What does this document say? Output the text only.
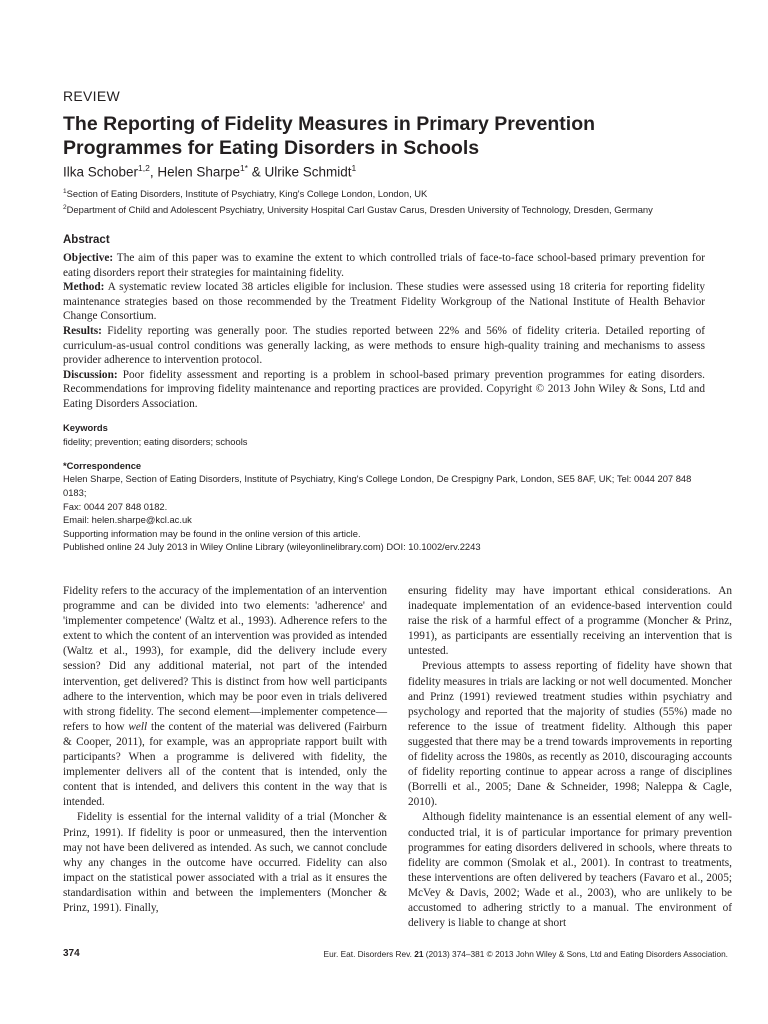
REVIEW
The Reporting of Fidelity Measures in Primary Prevention Programmes for Eating Disorders in Schools
Ilka Schober$^{1,2}$, Helen Sharpe$^{1*}$ & Ulrike Schmidt$^1$
$^1$Section of Eating Disorders, Institute of Psychiatry, King's College London, London, UK
$^2$Department of Child and Adolescent Psychiatry, University Hospital Carl Gustav Carus, Dresden University of Technology, Dresden, Germany
Abstract

Objective: The aim of this paper was to examine the extent to which controlled trials of face-to-face school-based primary prevention for eating disorders report their strategies for maintaining fidelity.

Method: A systematic review located 38 articles eligible for inclusion. These studies were assessed using 18 criteria for reporting fidelity maintenance strategies based on those recommended by the Treatment Fidelity Workgroup of the National Institute of Health Behavior Change Consortium.

Results: Fidelity reporting was generally poor. The studies reported between 22% and 56% of fidelity criteria. Detailed reporting of curriculum-as-usual control conditions was generally lacking, as were methods to ensure high-quality training and mechanisms to assess provider adherence to intervention protocol.

Discussion: Poor fidelity assessment and reporting is a problem in school-based primary prevention programmes for eating disorders. Recommendations for improving fidelity maintenance and reporting practices are provided. Copyright © 2013 John Wiley & Sons, Ltd and Eating Disorders Association.

Keywords
fidelity; prevention; eating disorders; schools
*Correspondence
Helen Sharpe, Section of Eating Disorders, Institute of Psychiatry, King's College London, De Crespigny Park, London, SE5 8AF, UK; Tel: 0044 207 848 0183;
Fax: 0044 207 848 0182.
Email: helen.sharpe@kcl.ac.uk
Supporting information may be found in the online version of this article.
Published online 24 July 2013 in Wiley Online Library (wileyonlinelibrary.com) DOI: 10.1002/erv.2243

Fidelity refers to the accuracy of the implementation of an intervention programme and can be divided into two elements: 'adherence' and 'implementer competence' (Waltz et al., 1993). Adherence refers to the extent to which the content of an intervention was provided as intended (Waltz et al., 1993), for example, did the delivery include every session? Did any additional material, not part of the intended intervention, get delivered? This is distinct from how well participants adhere to the intervention, which may be poor even in trials delivered with strong fidelity. The second element—implementer competence—refers to how well the content of the material was delivered (Fairburn & Cooper, 2011), for example, was an appropriate rapport built with participants? When a programme is delivered with fidelity, the implementer delivers all of the content that is intended, only the content that is intended, and delivers this content in the way that is intended.

Fidelity is essential for the internal validity of a trial (Moncher & Prinz, 1991). If fidelity is poor or unmeasured, then the intervention may not have been delivered as intended. As such, we cannot conclude why any changes in the outcome have occurred. Fidelity can also impact on the statistical power associated with a trial as it ensures the standardisation within and between the implementers (Moncher & Prinz, 1991). Finally,

ensuring fidelity may have important ethical considerations. An inadequate implementation of an evidence-based intervention could raise the risk of a harmful effect of a programme (Moncher & Prinz, 1991), as participants are essentially receiving an intervention that is untested.

Previous attempts to assess reporting of fidelity have shown that fidelity measures in trials are lacking or not well documented. Moncher and Prinz (1991) reviewed treatment studies within psychiatry and psychology and reported that the majority of studies (55%) made no reference to the issue of treatment fidelity. Although this paper suggested that there may be a trend towards improvements in reporting of fidelity across the 1980s, as recently as 2010, discouraging accounts of fidelity reporting continue to appear across a range of disciplines (Borrelli et al., 2005; Dane & Schneider, 1998; Naleppa & Cagle, 2010).

Although fidelity maintenance is an essential element of any well-conducted trial, it is of particular importance for primary prevention programmes for eating disorders delivered in schools, where threats to fidelity are common (Smolak et al., 2001). In contrast to treatments, these interventions are often delivered by teachers (Favaro et al., 2005; McVey & Davis, 2002; Wade et al., 2003), who are unlikely to be accustomed to adhering strictly to a manual. The environment of delivery is liable to change at short

374	Eur. Eat. Disorders Rev. 21 (2013) 374–381 © 2013 John Wiley & Sons, Ltd and Eating Disorders Association.
